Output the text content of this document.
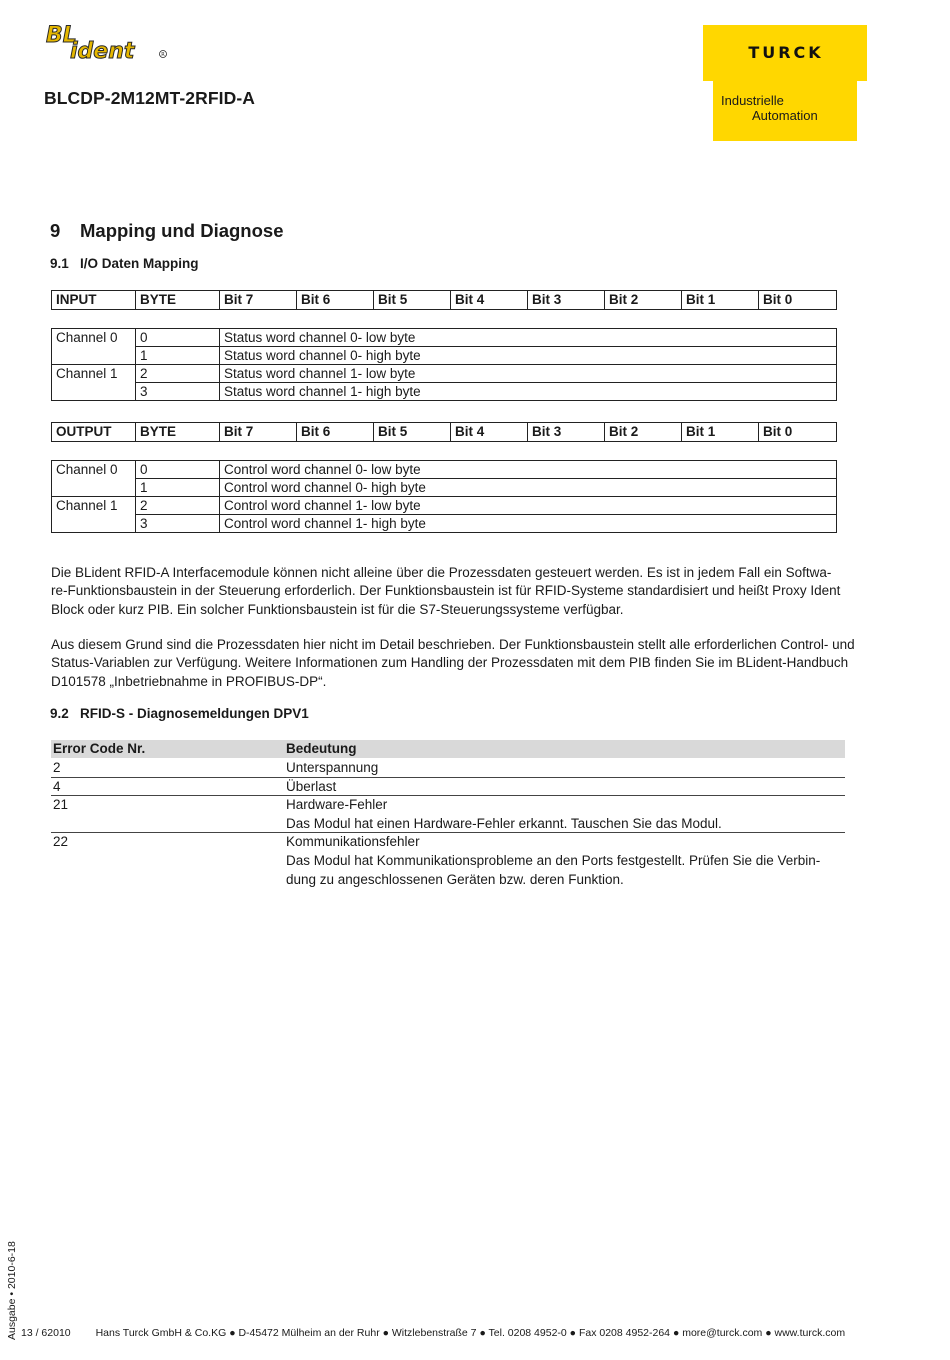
BL
ident	R
BLCDP-2M12MT-2RFID-A
TURCK
Industrielle
Automation
9 Mapping und Diagnose
9.1 I/O Daten Mapping
INPUT	BYTE	Bit 7	Bit 6	Bit 5	Bit 4	Bit 3	Bit 2	Bit 1	Bit 0
Channel 0	0	Status word channel 0- low byte
	1	Status word channel 0- high byte
Channel 1	2	Status word channel 1- low byte
	3	Status word channel 1- high byte
OUTPUT	BYTE	Bit 7	Bit 6	Bit 5	Bit 4	Bit 3	Bit 2	Bit 1	Bit 0
Channel 0	0	Control word channel 0- low byte
	1	Control word channel 0- high byte
Channel 1	2	Control word channel 1- low byte
	3	Control word channel 1- high byte
Die BLident RFID-A Interfacemodule können nicht alleine über die Prozessdaten gesteuert werden. Es ist in jedem Fall ein Softwa-
re-Funktionsbaustein in der Steuerung erforderlich. Der Funktionsbaustein ist für RFID-Systeme standardisiert und heißt Proxy Ident
Block oder kurz PIB. Ein solcher Funktionsbaustein ist für die S7-Steuerungssysteme verfügbar.
Aus diesem Grund sind die Prozessdaten hier nicht im Detail beschrieben. Der Funktionsbaustein stellt alle erforderlichen Control- und
Status-Variablen zur Verfügung. Weitere Informationen zum Handling der Prozessdaten mit dem PIB finden Sie im BLident-Handbuch
D101578 „Inbetriebnahme in PROFIBUS-DP“.
9.2 RFID-S - Diagnosemeldungen DPV1
Error Code Nr.	Bedeutung
2	Unterspannung
4	Überlast
21	Hardware-Fehler
Das Modul hat einen Hardware-Fehler erkannt. Tauschen Sie das Modul.
22	Kommunikationsfehler
Das Modul hat Kommunikationsprobleme an den Ports festgestellt. Prüfen Sie die Verbin-
dung zu angeschlossenen Geräten bzw. deren Funktion.
Ausgabe • 2010-6-18 13 / 62010 Hans Turck GmbH & Co.KG ● D-45472 Mülheim an der Ruhr ● Witzlebenstraße 7 ● Tel. 0208 4952-0 ● Fax 0208 4952-264 ● more@turck.com ● www.turck.com
